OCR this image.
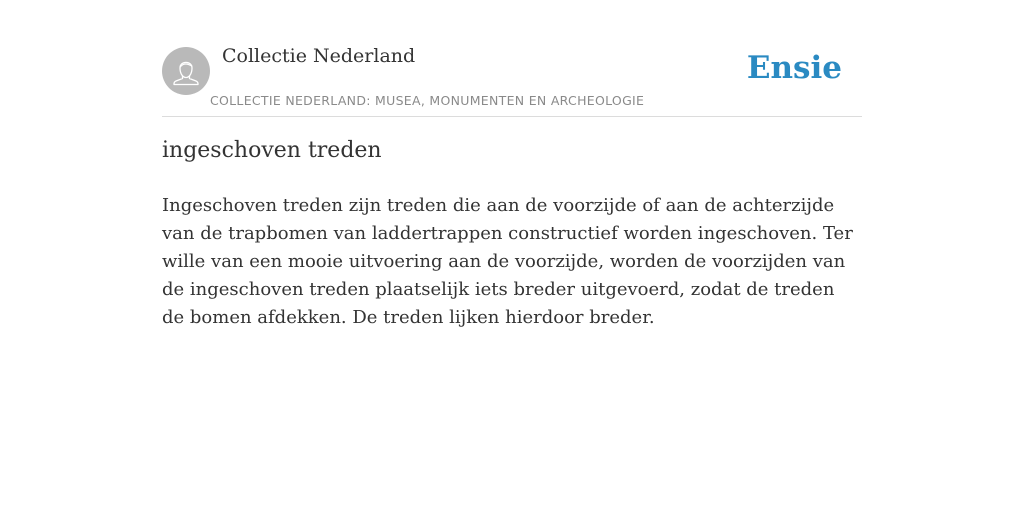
Collectie Nederland
COLLECTIE NEDERLAND: MUSEA, MONUMENTEN EN ARCHEOLOGIE
Ensie
ingeschoven treden

Ingeschoven treden zijn treden die aan de voorzijde of aan de achterzijde van de trapbomen van laddertrappen constructief worden ingeschoven. Ter wille van een mooie uitvoering aan de voorzijde, worden de voorzijden van de ingeschoven treden plaatselijk iets breder uitgevoerd, zodat de treden de bomen afdekken. De treden lijken hierdoor breder.
